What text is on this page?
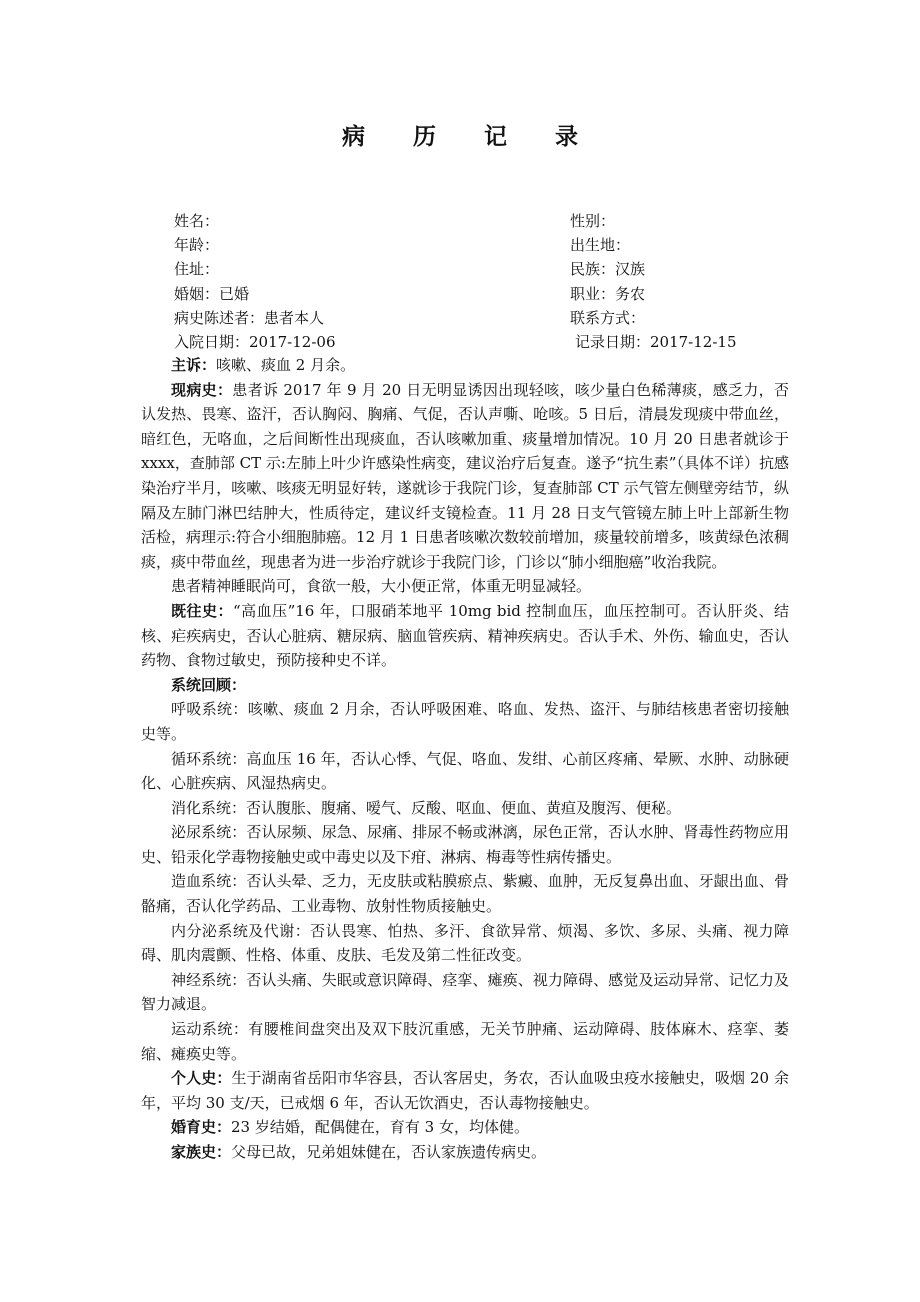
病 历 记 录
姓名：	性别：
年龄：	出生地：
住址：	民族：汉族
婚姻：已婚	职业：务农
病史陈述者：患者本人	联系方式：
入院日期：2017-12-06	记录日期：2017-12-15

主诉：咳嗽、痰血 2 月余。

现病史：患者诉 2017 年 9 月 20 日无明显诱因出现轻咳，咳少量白色稀薄痰，感乏力，否认发热、畏寒、盗汗，否认胸闷、胸痛、气促，否认声嘶、呛咳。5 日后，清晨发现痰中带血丝，暗红色，无咯血，之后间断性出现痰血，否认咳嗽加重、痰量增加情况。10 月 20 日患者就诊于 xxxx，查肺部 CT 示:左肺上叶少许感染性病变，建议治疗后复查。遂予“抗生素”（具体不详）抗感染治疗半月，咳嗽、咳痰无明显好转，遂就诊于我院门诊，复查肺部 CT 示气管左侧壁旁结节，纵隔及左肺门淋巴结肿大，性质待定，建议纤支镜检查。11 月 28 日支气管镜左肺上叶上部新生物活检，病理示:符合小细胞肺癌。12 月 1 日患者咳嗽次数较前增加，痰量较前增多，咳黄绿色浓稠痰，痰中带血丝，现患者为进一步治疗就诊于我院门诊，门诊以“肺小细胞癌”收治我院。

患者精神睡眠尚可，食欲一般，大小便正常，体重无明显减轻。

既往史：“高血压”16 年，口服硝苯地平 10mg bid 控制血压，血压控制可。否认肝炎、结核、疟疾病史，否认心脏病、糖尿病、脑血管疾病、精神疾病史。否认手术、外伤、输血史，否认药物、食物过敏史，预防接种史不详。

系统回顾：

呼吸系统：咳嗽、痰血 2 月余，否认呼吸困难、咯血、发热、盗汗、与肺结核患者密切接触史等。

循环系统：高血压 16 年，否认心悸、气促、咯血、发绀、心前区疼痛、晕厥、水肿、动脉硬化、心脏疾病、风湿热病史。

消化系统：否认腹胀、腹痛、嗳气、反酸、呕血、便血、黄疸及腹泻、便秘。

泌尿系统：否认尿频、尿急、尿痛、排尿不畅或淋漓，尿色正常，否认水肿、肾毒性药物应用史、铅汞化学毒物接触史或中毒史以及下疳、淋病、梅毒等性病传播史。

造血系统：否认头晕、乏力，无皮肤或粘膜瘀点、紫癜、血肿，无反复鼻出血、牙龈出血、骨骼痛，否认化学药品、工业毒物、放射性物质接触史。

内分泌系统及代谢：否认畏寒、怕热、多汗、食欲异常、烦渴、多饮、多尿、头痛、视力障碍、肌肉震颤、性格、体重、皮肤、毛发及第二性征改变。

神经系统：否认头痛、失眠或意识障碍、痉挛、瘫痪、视力障碍、感觉及运动异常、记忆力及智力减退。

运动系统：有腰椎间盘突出及双下肢沉重感，无关节肿痛、运动障碍、肢体麻木、痉挛、萎缩、瘫痪史等。

个人史：生于湖南省岳阳市华容县，否认客居史，务农，否认血吸虫疫水接触史，吸烟 20 余年，平均 30 支/天，已戒烟 6 年，否认无饮酒史，否认毒物接触史。

婚育史：23 岁结婚，配偶健在，育有 3 女，均体健。

家族史：父母已故，兄弟姐妹健在，否认家族遗传病史。
